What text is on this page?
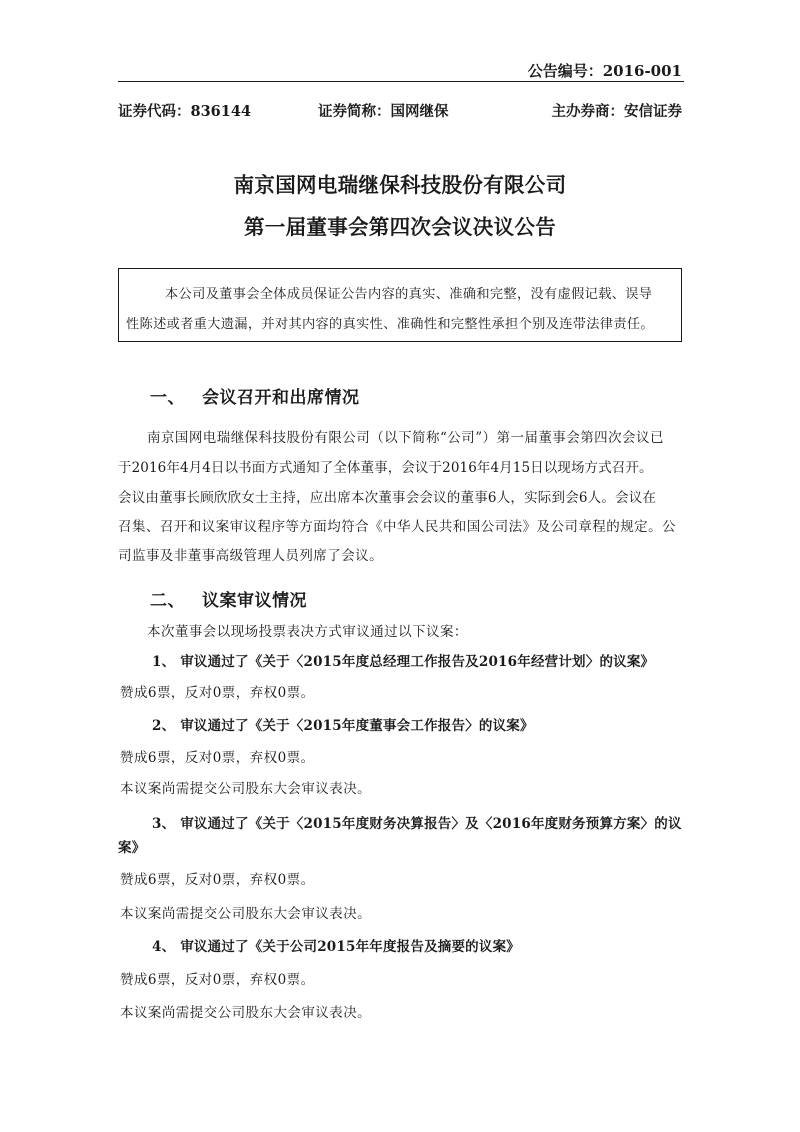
公告编号：2016-001
证券代码：836144	证券简称：国网继保	主办券商：安信证券
南京国网电瑞继保科技股份有限公司
第一届董事会第四次会议决议公告
本公司及董事会全体成员保证公告内容的真实、准确和完整，没有虚假记载、误导
性陈述或者重大遗漏，并对其内容的真实性、准确性和完整性承担个别及连带法律责任。
一、 会议召开和出席情况
南京国网电瑞继保科技股份有限公司（以下简称“公司”）第一届董事会第四次会议已
于2016年4月4日以书面方式通知了全体董事，会议于2016年4月15日以现场方式召开。
会议由董事长顾欣欣女士主持，应出席本次董事会会议的董事6人，实际到会6人。会议在
召集、召开和议案审议程序等方面均符合《中华人民共和国公司法》及公司章程的规定。公
司监事及非董事高级管理人员列席了会议。
二、 议案审议情况
本次董事会以现场投票表决方式审议通过以下议案：
1、 审议通过了《关于〈2015年度总经理工作报告及2016年经营计划〉的议案》
赞成6票，反对0票，弃权0票。
2、 审议通过了《关于〈2015年度董事会工作报告〉的议案》
赞成6票，反对0票，弃权0票。
本议案尚需提交公司股东大会审议表决。
3、 审议通过了《关于〈2015年度财务决算报告〉及〈2016年度财务预算方案〉的议
案》
赞成6票，反对0票，弃权0票。
本议案尚需提交公司股东大会审议表决。
4、 审议通过了《关于公司2015年年度报告及摘要的议案》
赞成6票，反对0票，弃权0票。
本议案尚需提交公司股东大会审议表决。
